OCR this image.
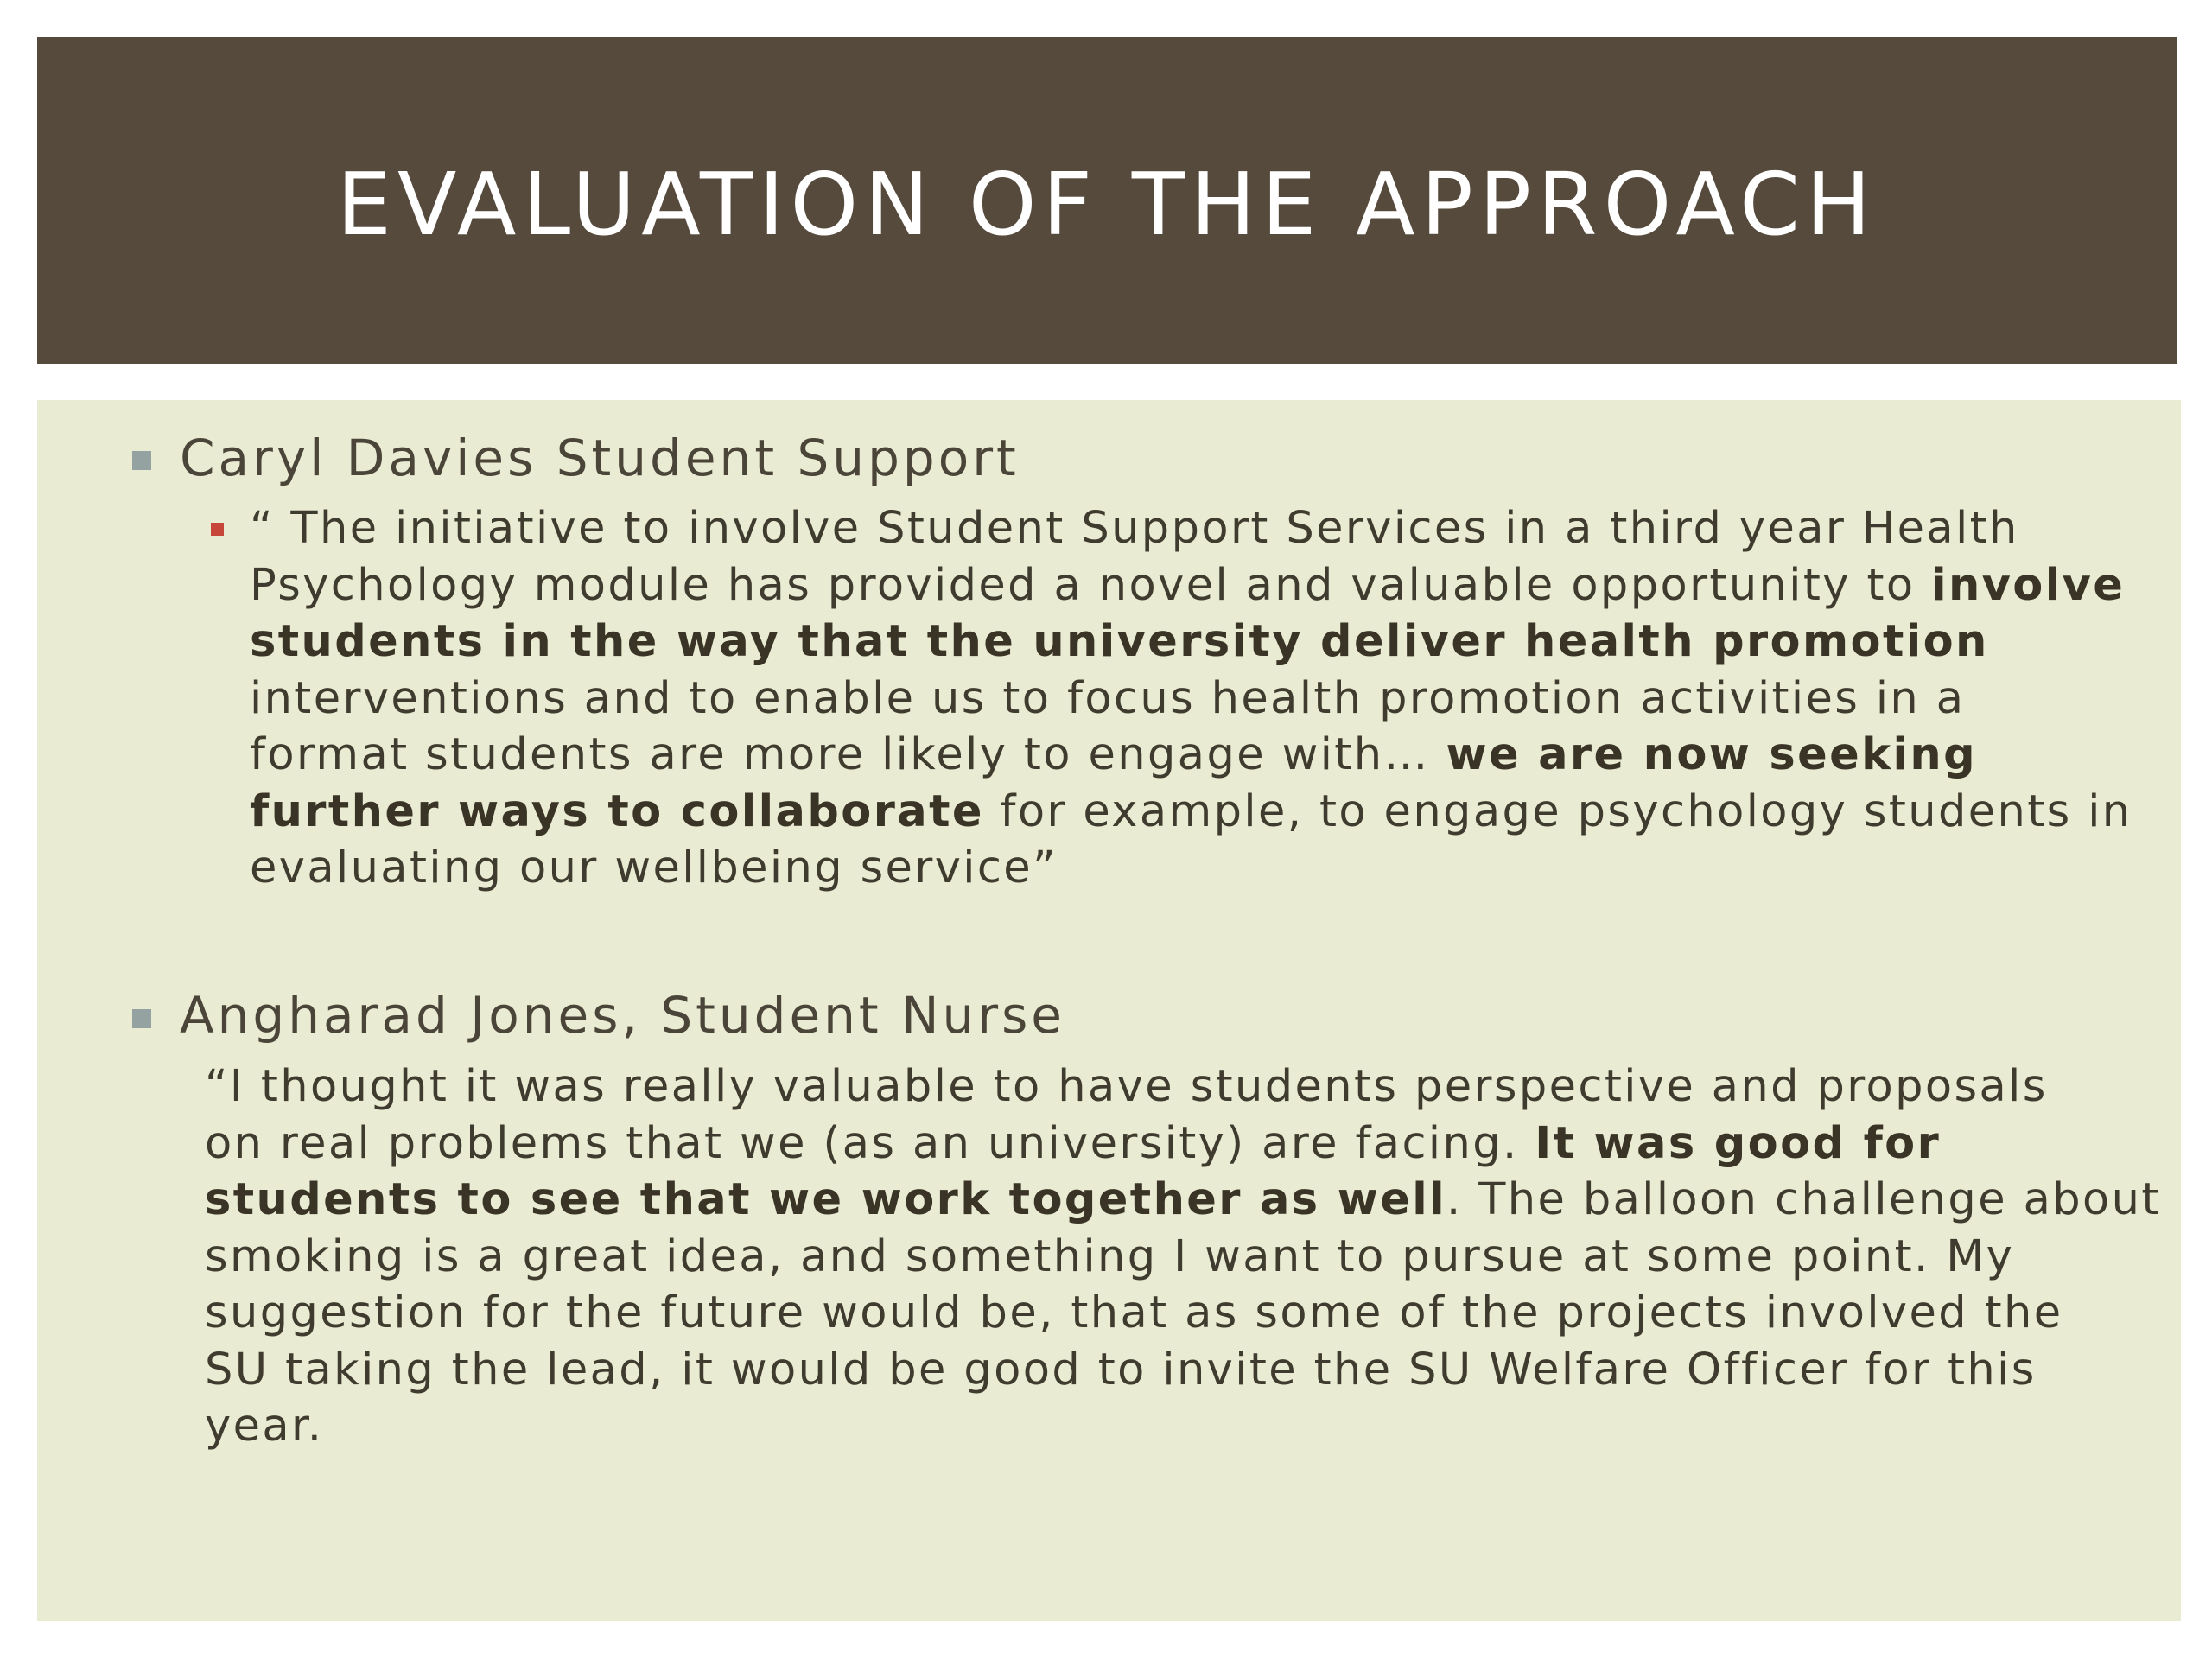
EVALUATION OF THE APPROACH
Caryl Davies Student Support
“ The initiative to involve Student Support Services in a third year Health
Psychology module has provided a novel and valuable opportunity to involve
students in the way that the university deliver health promotion
interventions and to enable us to focus health promotion activities in a
format students are more likely to engage with… we are now seeking
further ways to collaborate for example, to engage psychology students in
evaluating our wellbeing service”
Angharad Jones, Student Nurse
“I thought it was really valuable to have students perspective and proposals
on real problems that we (as an university) are facing. It was good for
students to see that we work together as well. The balloon challenge about
smoking is a great idea, and something I want to pursue at some point. My
suggestion for the future would be, that as some of the projects involved the
SU taking the lead, it would be good to invite the SU Welfare Officer for this
year.
